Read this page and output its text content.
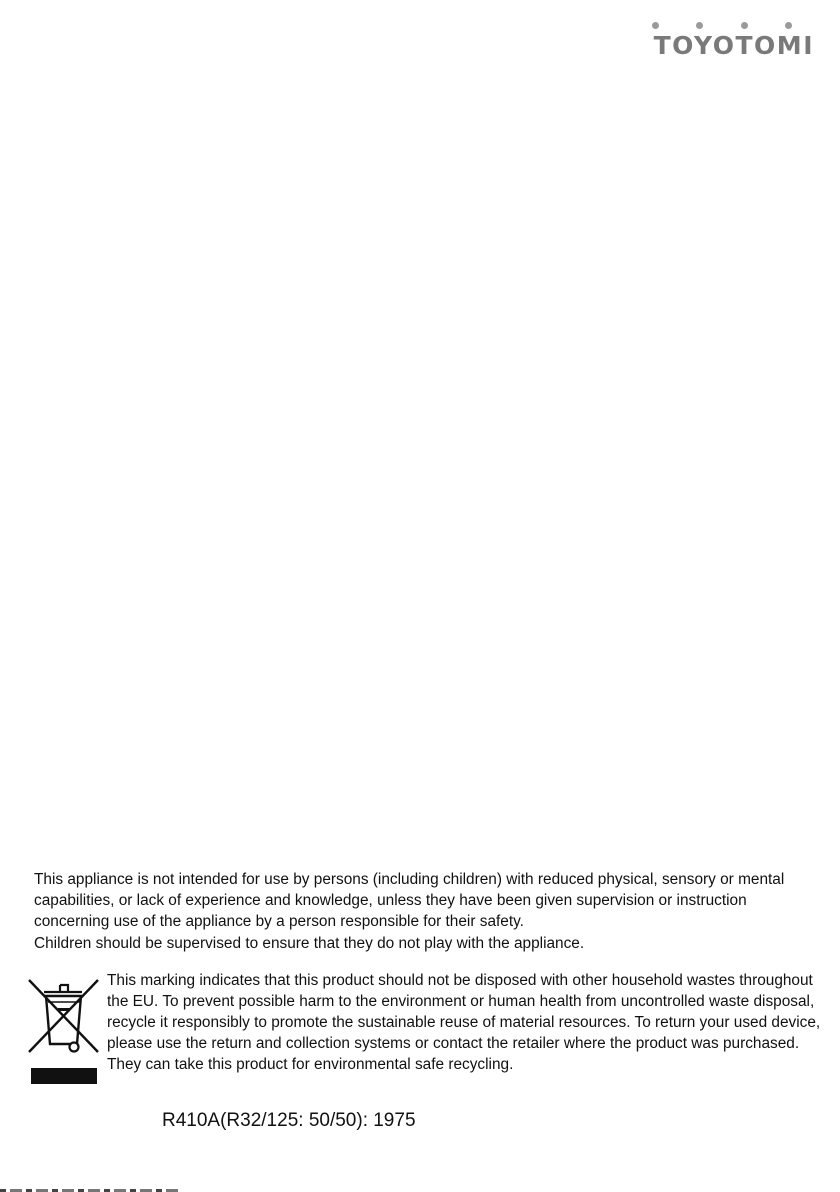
TOYOTOMI

This appliance is not intended for use by persons (including children) with reduced physical, sensory or mental capabilities, or lack of experience and knowledge, unless they have been given supervision or instruction concerning use of the appliance by a person responsible for their safety.

Children should be supervised to ensure that they do not play with the appliance.

This marking indicates that this product should not be disposed with other household wastes throughout the EU. To prevent possible harm to the environment or human health from uncontrolled waste disposal, recycle it responsibly to promote the sustainable reuse of material resources. To return your used device, please use the return and collection systems or contact the retailer where the product was purchased. They can take this product for environmental safe recycling.

R410A(R32/125: 50/50): 1975
